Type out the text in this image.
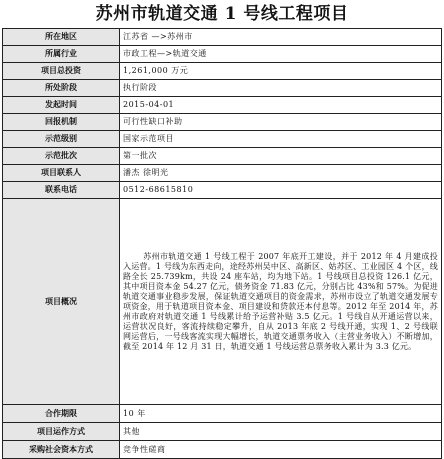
苏州市轨道交通 1 号线工程项目
所在地区	江苏省 —>苏州市
所属行业	市政工程—>轨道交通
项目总投资	1,261,000 万元
所处阶段	执行阶段
发起时间	2015-04-01
回报机制	可行性缺口补助
示范级别	国家示范项目
示范批次	第一批次
项目联系人	潘杰 徐明光
联系电话	0512-68615810
项目概况	苏州市轨道交通 1 号线工程于 2007 年底开工建设，并于 2012 年 4 月建成投入运营。1 号线为东西走向，途经苏州吴中区、高新区、姑苏区、工业园区 4 个区，线路全长 25.739km，共设 24 座车站，均为地下站。1 号线项目总投资 126.1 亿元，其中项目资本金 54.27 亿元，债务资金 71.83 亿元，分别占比 43%和 57%。为促进轨道交通事业稳步发展，保证轨道交通项目的资金需求，苏州市设立了轨道交通发展专项资金，用于轨道项目资本金、项目建设和贷款还本付息等。2012 年至 2014 年，苏州市政府对轨道交通 1 号线累计给予运营补贴 3.5 亿元。1 号线自从开通运营以来，运营状况良好，客流持续稳定攀升，自从 2013 年底 2 号线开通，实现 1、2 号线联网运营后，一号线客流实现大幅增长，轨道交通票务收入（主营业务收入）不断增加，截至 2014 年 12 月 31 日，轨道交通 1 号线运营总票务收入累计为 3.3 亿元。
合作期限	10 年
项目运作方式	其他
采购社会资本方式	竞争性磋商
